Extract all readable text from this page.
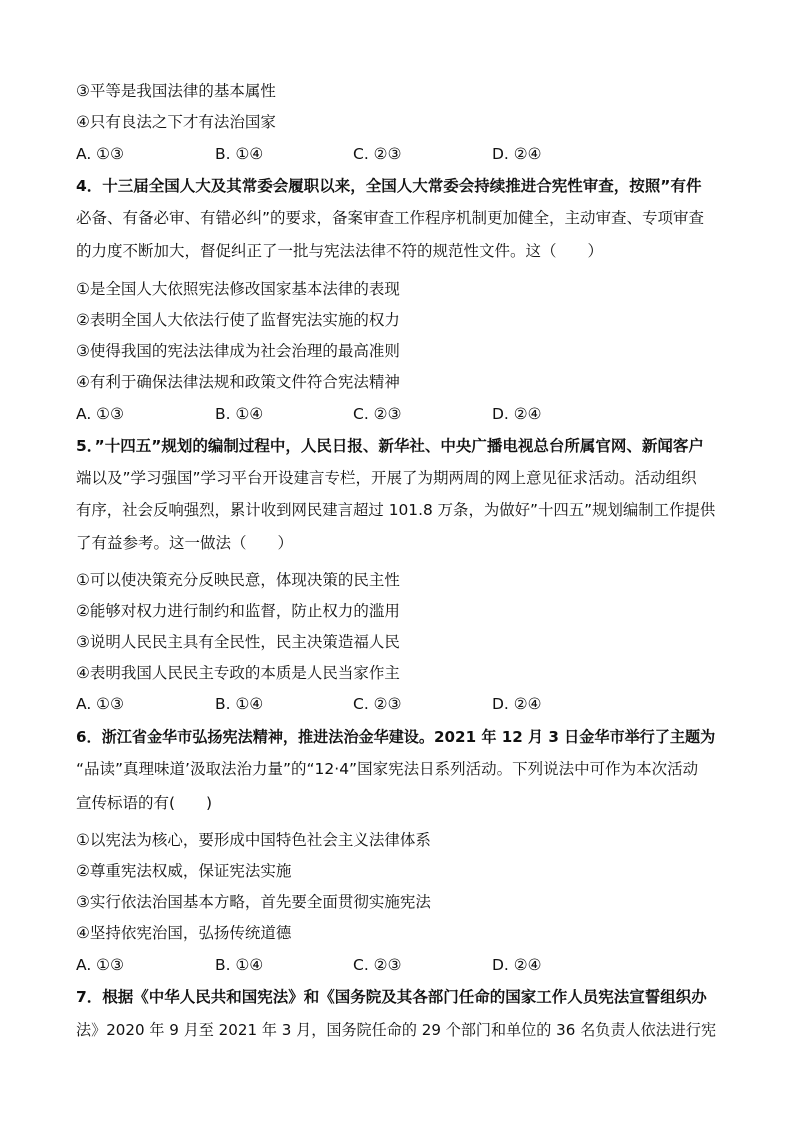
③平等是我国法律的基本属性
④只有良法之下才有法治国家
A. ①③	B. ①④	C. ②③	D. ②④
4．十三届全国人大及其常委会履职以来，全国人大常委会持续推进合宪性审查，按照”有件
必备、有备必审、有错必纠”的要求，备案审查工作程序机制更加健全，主动审查、专项审查
的力度不断加大，督促纠正了一批与宪法法律不符的规范性文件。这（　　）
①是全国人大依照宪法修改国家基本法律的表现
②表明全国人大依法行使了监督宪法实施的权力
③使得我国的宪法法律成为社会治理的最高准则
④有利于确保法律法规和政策文件符合宪法精神
A. ①③	B. ①④	C. ②③	D. ②④
5．”十四五”规划的编制过程中，人民日报、新华社、中央广播电视总台所属官网、新闻客户
端以及”学习强国”学习平台开设建言专栏，开展了为期两周的网上意见征求活动。活动组织
有序，社会反响强烈，累计收到网民建言超过 101.8 万条，为做好”十四五”规划编制工作提供
了有益参考。这一做法（　　）
①可以使决策充分反映民意，体现决策的民主性
②能够对权力进行制约和监督，防止权力的滥用
③说明人民民主具有全民性，民主决策造福人民
④表明我国人民民主专政的本质是人民当家作主
A. ①③	B. ①④	C. ②③	D. ②④
6．浙江省金华市弘扬宪法精神，推进法治金华建设。2021 年 12 月 3 日金华市举行了主题为
“品读”真理味道’汲取法治力量”的“12·4”国家宪法日系列活动。下列说法中可作为本次活动
宣传标语的有(　　)
①以宪法为核心，要形成中国特色社会主义法律体系
②尊重宪法权威，保证宪法实施
③实行依法治国基本方略，首先要全面贯彻实施宪法
④坚持依宪治国，弘扬传统道德
A. ①③	B. ①④	C. ②③	D. ②④
7．根据《中华人民共和国宪法》和《国务院及其各部门任命的国家工作人员宪法宣誓组织办
法》2020 年 9 月至 2021 年 3 月，国务院任命的 29 个部门和单位的 36 名负责人依法进行宪
